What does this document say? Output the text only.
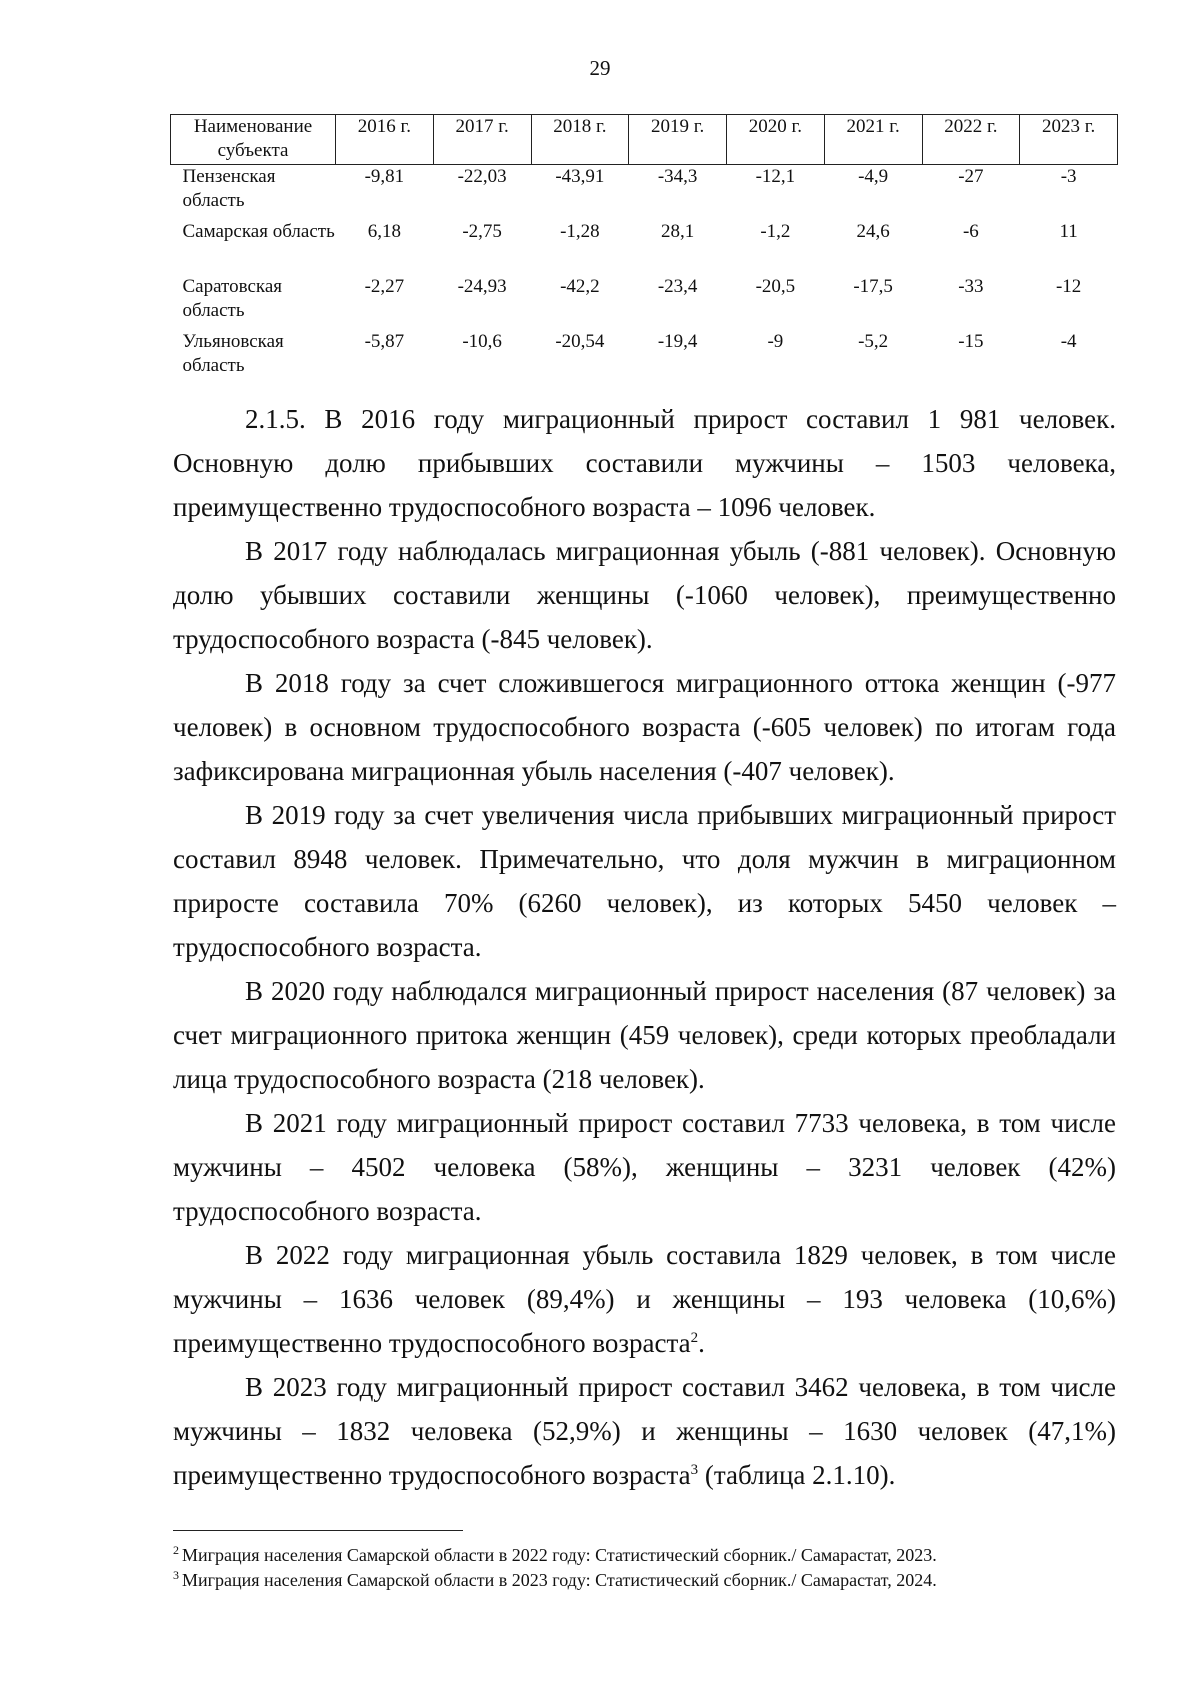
29
Наименование субъекта	2016 г.	2017 г.	2018 г.	2019 г.	2020 г.	2021 г.	2022 г.	2023 г.
Пензенская область	-9,81	-22,03	-43,91	-34,3	-12,1	-4,9	-27	-3
Самарская область	6,18	-2,75	-1,28	28,1	-1,2	24,6	-6	11
Саратовская область	-2,27	-24,93	-42,2	-23,4	-20,5	-17,5	-33	-12
Ульяновская область	-5,87	-10,6	-20,54	-19,4	-9	-5,2	-15	-4

2.1.5. В 2016 году миграционный прирост составил 1 981 человек. Основную долю прибывших составили мужчины – 1503 человека, преимущественно трудоспособного возраста – 1096 человек.

В 2017 году наблюдалась миграционная убыль (-881 человек). Основную долю убывших составили женщины (-1060 человек), преимущественно трудоспособного возраста (-845 человек).

В 2018 году за счет сложившегося миграционного оттока женщин (-977 человек) в основном трудоспособного возраста (-605 человек) по итогам года зафиксирована миграционная убыль населения (-407 человек).

В 2019 году за счет увеличения числа прибывших миграционный прирост составил 8948 человек. Примечательно, что доля мужчин в миграционном приросте составила 70% (6260 человек), из которых 5450 человек – трудоспособного возраста.

В 2020 году наблюдался миграционный прирост населения (87 человек) за счет миграционного притока женщин (459 человек), среди которых преобладали лица трудоспособного возраста (218 человек).

В 2021 году миграционный прирост составил 7733 человека, в том числе мужчины – 4502 человека (58%), женщины – 3231 человек (42%) трудоспособного возраста.

В 2022 году миграционная убыль составила 1829 человек, в том числе мужчины – 1636 человек (89,4%) и женщины – 193 человека (10,6%) преимущественно трудоспособного возраста$^2$.

В 2023 году миграционный прирост составил 3462 человека, в том числе мужчины – 1832 человека (52,9%) и женщины – 1630 человек (47,1%) преимущественно трудоспособного возраста$^3$ (таблица 2.1.10).

$^2$ Миграция населения Самарской области в 2022 году: Статистический сборник./ Самарастат, 2023.
$^3$ Миграция населения Самарской области в 2023 году: Статистический сборник./ Самарастат, 2024.
